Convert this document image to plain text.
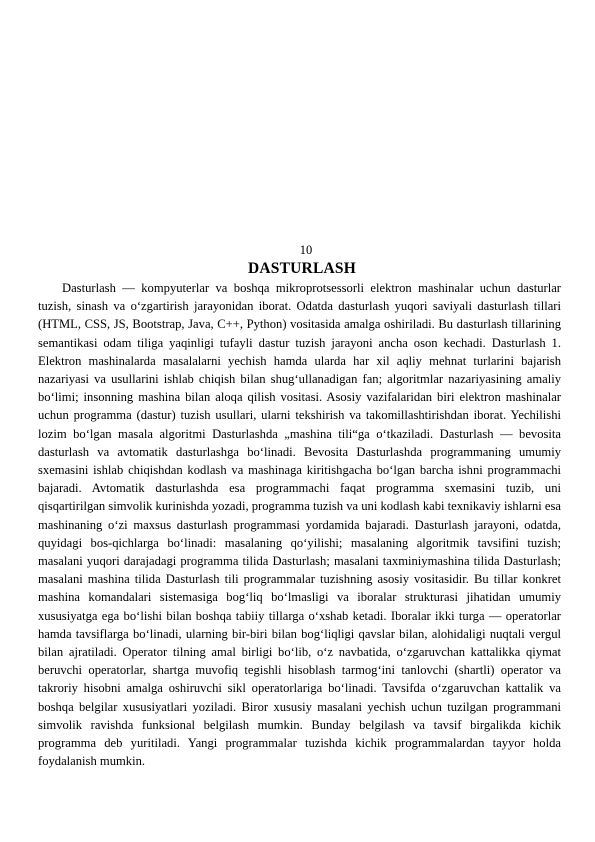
10
DASTURLASH

Dasturlash — kompyuterlar va boshqa mikroprotsessorli elektron mashinalar uchun dasturlar tuzish, sinash va o‘zgartirish jarayonidan iborat. Odatda dasturlash yuqori saviyali dasturlash tillari (HTML, CSS, JS, Bootstrap, Java, C++, Python) vositasida amalga oshiriladi. Bu dasturlash tillarining semantikasi odam tiliga yaqinligi tufayli dastur tuzish jarayoni ancha oson kechadi. Dasturlash 1. Elektron mashinalarda masalalarni yechish hamda ularda har xil aqliy mehnat turlarini bajarish nazariyasi va usullarini ishlab chiqish bilan shug‘ullanadigan fan; algoritmlar nazariyasining amaliy bo‘limi; insonning mashina bilan aloqa qilish vositasi. Asosiy vazifalaridan biri elektron mashinalar uchun programma (dastur) tuzish usullari, ularni tekshirish va takomillashtirishdan iborat. Yechilishi lozim bo‘lgan masala algoritmi Dasturlashda „mashina tili“ga o‘tkaziladi. Dasturlash — bevosita dasturlash va avtomatik dasturlashga bo‘linadi. Bevosita Dasturlashda programmaning umumiy sxemasini ishlab chiqishdan kodlash va mashinaga kiritishgacha bo‘lgan barcha ishni programmachi bajaradi. Avtomatik dasturlashda esa programmachi faqat programma sxemasini tuzib, uni qisqartirilgan simvolik kurinishda yozadi, programma tuzish va uni kodlash kabi texnikaviy ishlarni esa mashinaning o‘zi maxsus dasturlash programmasi yordamida bajaradi. Dasturlash jarayoni, odatda, quyidagi bos-qichlarga bo‘linadi: masalaning qo‘yilishi; masalaning algoritmik tavsifini tuzish; masalani yuqori darajadagi programma tilida Dasturlash; masalani taxminiymashina tilida Dasturlash; masalani mashina tilida Dasturlash tili programmalar tuzishning asosiy vositasidir. Bu tillar konkret mashina komandalari sistemasiga bog‘liq bo‘lmasligi va iboralar strukturasi jihatidan umumiy xususiyatga ega bo‘lishi bilan boshqa tabiiy tillarga o‘xshab ketadi. Iboralar ikki turga — operatorlar hamda tavsiflarga bo‘linadi, ularning bir-biri bilan bog‘liqligi qavslar bilan, alohidaligi nuqtali vergul bilan ajratiladi. Operator tilning amal birligi bo‘lib, o‘z navbatida, o‘zgaruvchan kattalikka qiymat beruvchi operatorlar, shartga muvofiq tegishli hisoblash tarmog‘ini tanlovchi (shartli) operator va takroriy hisobni amalga oshiruvchi sikl operatorlariga bo‘linadi. Tavsifda o‘zgaruvchan kattalik va boshqa belgilar xususiyatlari yoziladi. Biror xususiy masalani yechish uchun tuzilgan programmani simvolik ravishda funksional belgilash mumkin. Bunday belgilash va tavsif birgalikda kichik programma deb yuritiladi. Yangi programmalar tuzishda kichik programmalardan tayyor holda foydalanish mumkin.
